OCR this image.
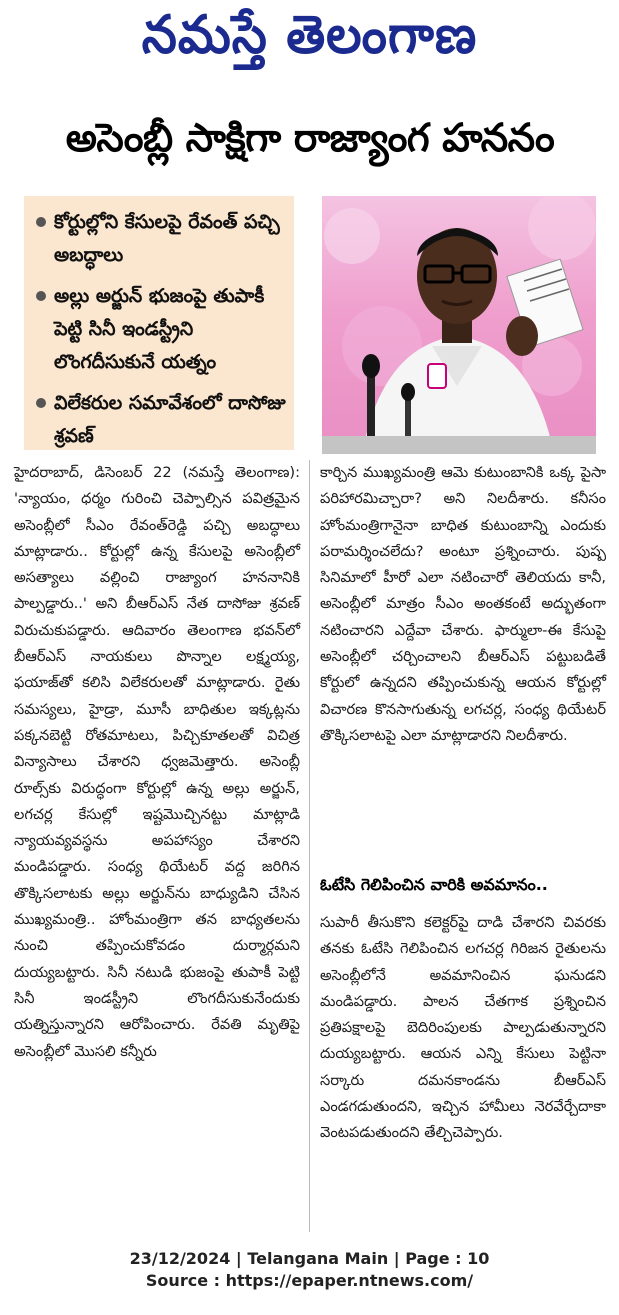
నమస్తే తెలంగాణ
అసెంబ్లీ సాక్షిగా రాజ్యాంగ హననం
కోర్టుల్లోని కేసులపై రేవంత్ పచ్చి అబద్ధాలు
అల్లు అర్జున్ భుజంపై తుపాకీ పెట్టి సినీ ఇండస్ట్రీని లొంగదీసుకునే యత్నం
విలేకరుల సమావేశంలో దాసోజు శ్రవణ్

హైదరాబాద్, డిసెంబర్ 22 (నమస్తే తెలంగాణ): 'న్యాయం, ధర్మం గురించి చెప్పాల్సిన పవిత్రమైన అసెంబ్లీలో సీఎం రేవంత్‌రెడ్డి పచ్చి అబద్ధాలు మాట్లాడారు.. కోర్టుల్లో ఉన్న కేసులపై అసెంబ్లీలో అసత్యాలు వల్లించి రాజ్యాంగ హననానికి పాల్పడ్డారు..' అని బీఆర్‌ఎస్ నేత దాసోజు శ్రవణ్ విరుచుకుపడ్డారు. ఆదివారం తెలంగాణ భవన్‌లో బీఆర్‌ఎస్ నాయకులు పొన్నాల లక్ష్మయ్య, ఫయాజ్‌తో కలిసి విలేకరులతో మాట్లాడారు. రైతు సమస్యలు, హైడ్రా, మూసీ బాధితుల ఇక్కట్లను పక్కనబెట్టి రోతమాటలు, పిచ్చికూతలతో విచిత్ర విన్యాసాలు చేశారని ధ్వజమెత్తారు. అసెంబ్లీ రూల్స్‌కు విరుద్ధంగా కోర్టుల్లో ఉన్న అల్లు అర్జున్, లగచర్ల కేసుల్లో ఇష్టమొచ్చినట్టు మాట్లాడి న్యాయవ్యవస్థను అపహాస్యం చేశారని మండిపడ్డారు. సంధ్య థియేటర్ వద్ద జరిగిన తొక్కిసలాటకు అల్లు అర్జున్‌ను బాధ్యుడిని చేసిన ముఖ్యమంత్రి.. హోంమంత్రిగా తన బాధ్యతలను నుంచి తప్పించుకోవడం దుర్మార్గమని దుయ్యబట్టారు. సినీ నటుడి భుజంపై తుపాకీ పెట్టి సినీ ఇండస్ట్రీని లొంగదీసుకునేందుకు యత్నిస్తున్నారని ఆరోపించారు. రేవతి మృతిపై అసెంబ్లీలో మొసలి కన్నీరు

కార్చిన ముఖ్యమంత్రి ఆమె కుటుంబానికి ఒక్క పైసా పరిహారమిచ్చారా? అని నిలదీశారు. కనీసం హోంమంత్రిగానైనా బాధిత కుటుంబాన్ని ఎందుకు పరామర్శించలేదు? అంటూ ప్రశ్నించారు. పుష్ప సినిమాలో హీరో ఎలా నటించారో తెలియదు కానీ, అసెంబ్లీలో మాత్రం సీఎం అంతకంటే అద్భుతంగా నటించారని ఎద్దేవా చేశారు. ఫార్ములా-ఈ కేసుపై అసెంబ్లీలో చర్చించాలని బీఆర్‌ఎస్ పట్టుబడితే కోర్టులో ఉన్నదని తప్పించుకున్న ఆయన కోర్టుల్లో విచారణ కొనసాగుతున్న లగచర్ల, సంధ్య థియేటర్ తొక్కిసలాటపై ఎలా మాట్లాడారని నిలదీశారు.

ఓటేసి గెలిపించిన వారికి అవమానం..

సుపారీ తీసుకొని కలెక్టర్‌పై దాడి చేశారని చివరకు తనకు ఓటేసి గెలిపించిన లగచర్ల గిరిజన రైతులను అసెంబ్లీలోనే అవమానించిన ఘనుడని మండిపడ్డారు. పాలన చేతగాక ప్రశ్నించిన ప్రతిపక్షాలపై బెదిరింపులకు పాల్పడుతున్నారని దుయ్యబట్టారు. ఆయన ఎన్ని కేసులు పెట్టినా సర్కారు దమనకాండను బీఆర్‌ఎస్ ఎండగడుతుందని, ఇచ్చిన హామీలు నెరవేర్చేదాకా వెంటపడుతుందని తేల్చిచెప్పారు.

23/12/2024 | Telangana Main | Page : 10
Source : https://epaper.ntnews.com/
